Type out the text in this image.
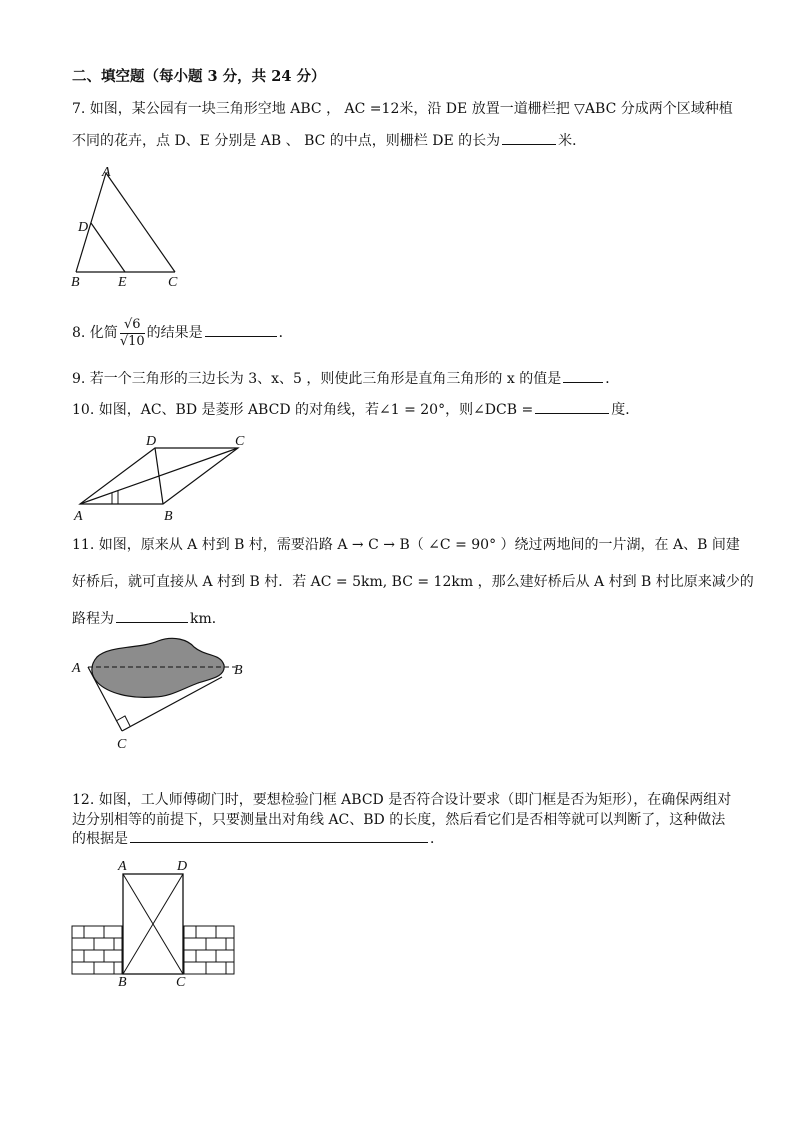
二、填空题（每小题 3 分，共 24 分）
7. 如图，某公园有一块三角形空地 ABC ， AC =12米，沿 DE 放置一道栅栏把 ▽ABC 分成两个区域种植
不同的花卉，点 D、E 分别是 AB 、 BC 的中点，则栅栏 DE 的长为	米．
A
D
B	E	C
8. 化简 $\frac{√6}{√10}$ 的结果是	．
9. 若一个三角形的三边长为 3、x、5 ，则使此三角形是直角三角形的 x 的值是	．
10. 如图，AC、BD 是菱形 ABCD 的对角线，若∠1 = 20°，则∠DCB =	度．
D	C
A	B
11. 如图，原来从 A 村到 B 村，需要沿路 A → C → B（ ∠C = 90° ）绕过两地间的一片湖，在 A、B 间建
好桥后，就可直接从 A 村到 B 村．若 AC = 5km, BC = 12km ，那么建好桥后从 A 村到 B 村比原来减少的
路程为	km．
A	B
C
12. 如图，工人师傅砌门时，要想检验门框 ABCD 是否符合设计要求（即门框是否为矩形），在确保两组对
边分别相等的前提下，只要测量出对角线 AC、BD 的长度，然后看它们是否相等就可以判断了，这种做法
的根据是	．
A	D
B	C
